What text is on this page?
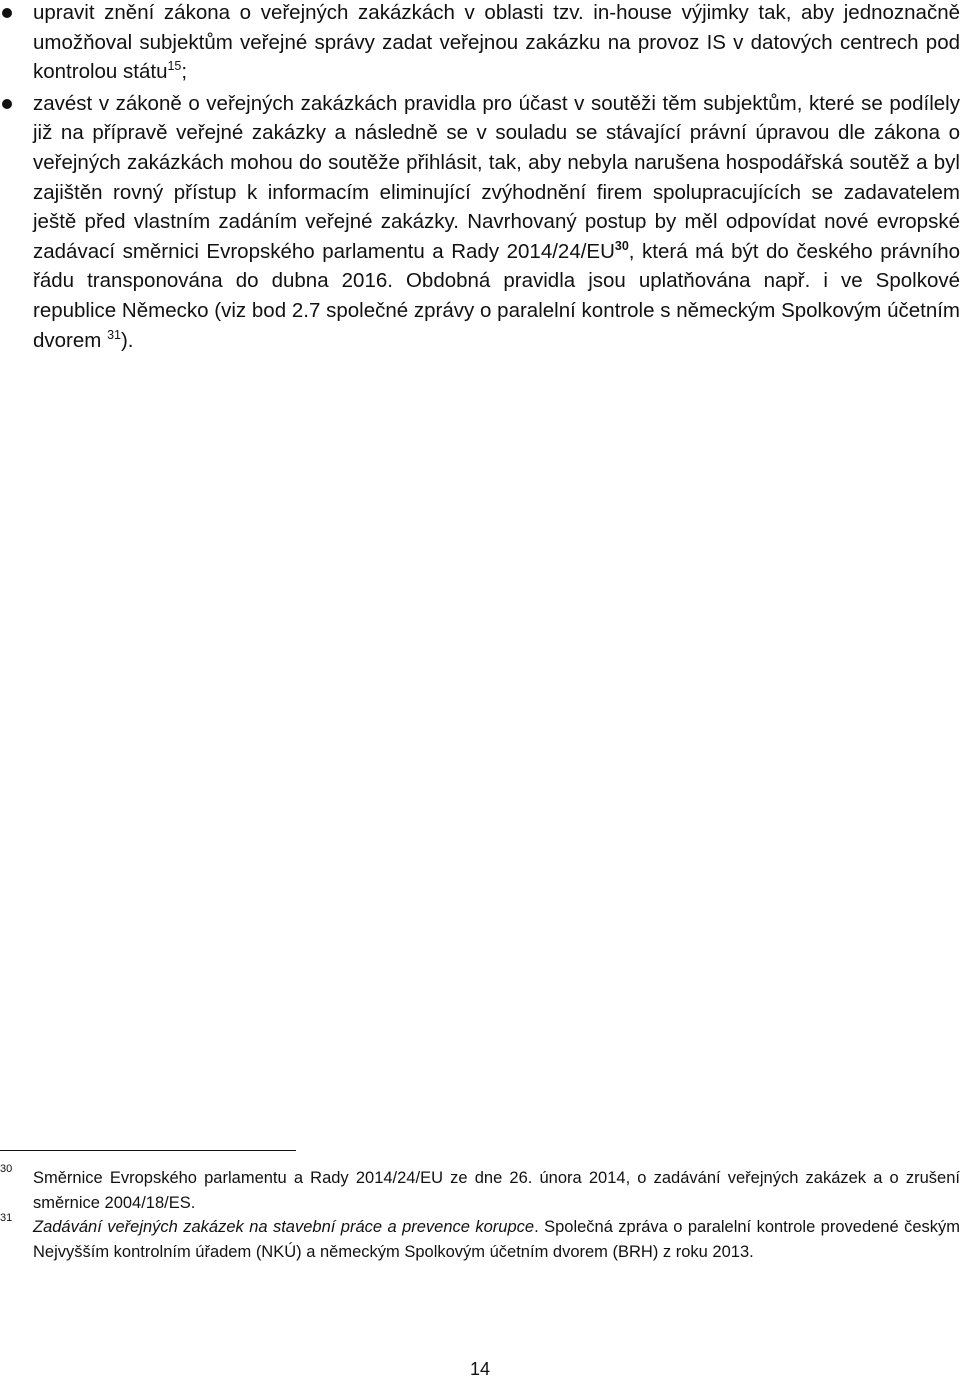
upravit znění zákona o veřejných zakázkách v oblasti tzv. in-house výjimky tak, aby jednoznačně umožňoval subjektům veřejné správy zadat veřejnou zakázku na provoz IS v datových centrech pod kontrolou státu$^{15}$;
zavést v zákoně o veřejných zakázkách pravidla pro účast v soutěži těm subjektům, které se podílely již na přípravě veřejné zakázky a následně se v souladu se stávající právní úpravou dle zákona o veřejných zakázkách mohou do soutěže přihlásit, tak, aby nebyla narušena hospodářská soutěž a byl zajištěn rovný přístup k informacím eliminující zvýhodnění firem spolupracujících se zadavatelem ještě před vlastním zadáním veřejné zakázky. Navrhovaný postup by měl odpovídat nové evropské zadávací směrnici Evropského parlamentu a Rady 2014/24/EU$^{30}$, která má být do českého právního řádu transponována do dubna 2016. Obdobná pravidla jsou uplatňována např. i ve Spolkové republice Německo (viz bod 2.7 společné zprávy o paralelní kontrole s německým Spolkovým účetním dvorem $^{31}$).

30 Směrnice Evropského parlamentu a Rady 2014/24/EU ze dne 26. února 2014, o zadávání veřejných zakázek a o zrušení směrnice 2004/18/ES.

31 Zadávání veřejných zakázek na stavební práce a prevence korupce. Společná zpráva o paralelní kontrole provedené českým Nejvyšším kontrolním úřadem (NKÚ) a německým Spolkovým účetním dvorem (BRH) z roku 2013.

14
